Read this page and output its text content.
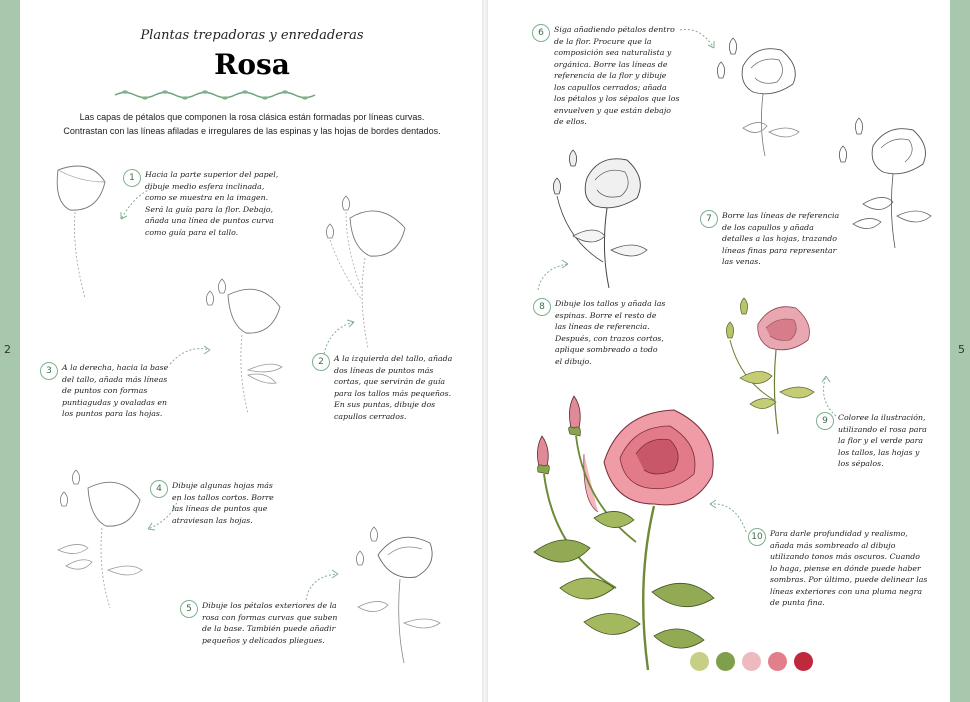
Plantas trepadoras y enredaderas
Rosa
Las capas de pétalos que componen la rosa clásica están formadas por líneas curvas.
Contrastan con las líneas afiladas e irregulares de las espinas y las hojas de bordes dentados.
1	Hacia la parte superior del papel, dibuje medio esfera inclinada, como se muestra en la imagen. Será la guía para la flor. Debajo, añada una línea de puntos curva como guía para el tallo.
2	A la izquierda del tallo, añada dos líneas de puntos más cortas, que servirán de guía para los tallos más pequeños. En sus puntas, dibuje dos capullos cerrados.
3	A la derecha, hacia la base del tallo, añada más líneas de puntos con formas puntiagudas y ovaladas en los puntos para las hojas.
4	Dibuje algunas hojas más en los tallos cortos. Borre las líneas de puntos que atraviesan las hojas.
5	Dibuje los pétalos exteriores de la rosa con formas curvas que suben de la base. También puede añadir pequeños y delicados pliegues.
2
6	Siga añadiendo pétalos dentro de la flor. Procure que la composición sea naturalista y orgánica. Borre las líneas de referencia de la flor y dibuje los capullos cerrados; añada los pétalos y los sépalos que los envuelven y que están debajo de ellos.
7	Borre las líneas de referencia de los capullos y añada detalles a las hojas, trazando líneas finas para representar las venas.
8	Dibuje los tallos y añada las espinas. Borre el resto de las líneas de referencia. Después, con trazos cortos, aplique sombreado a todo el dibujo.
9	Coloree la ilustración, utilizando el rosa para la flor y el verde para los tallos, las hojas y los sépalos.
10 Para darle profundidad y realismo, añada más sombreado al dibujo utilizando tonos más oscuros. Cuando lo haga, piense en dónde puede haber sombras. Por último, puede delinear las líneas exteriores con una pluma negra de punta fina.
5
